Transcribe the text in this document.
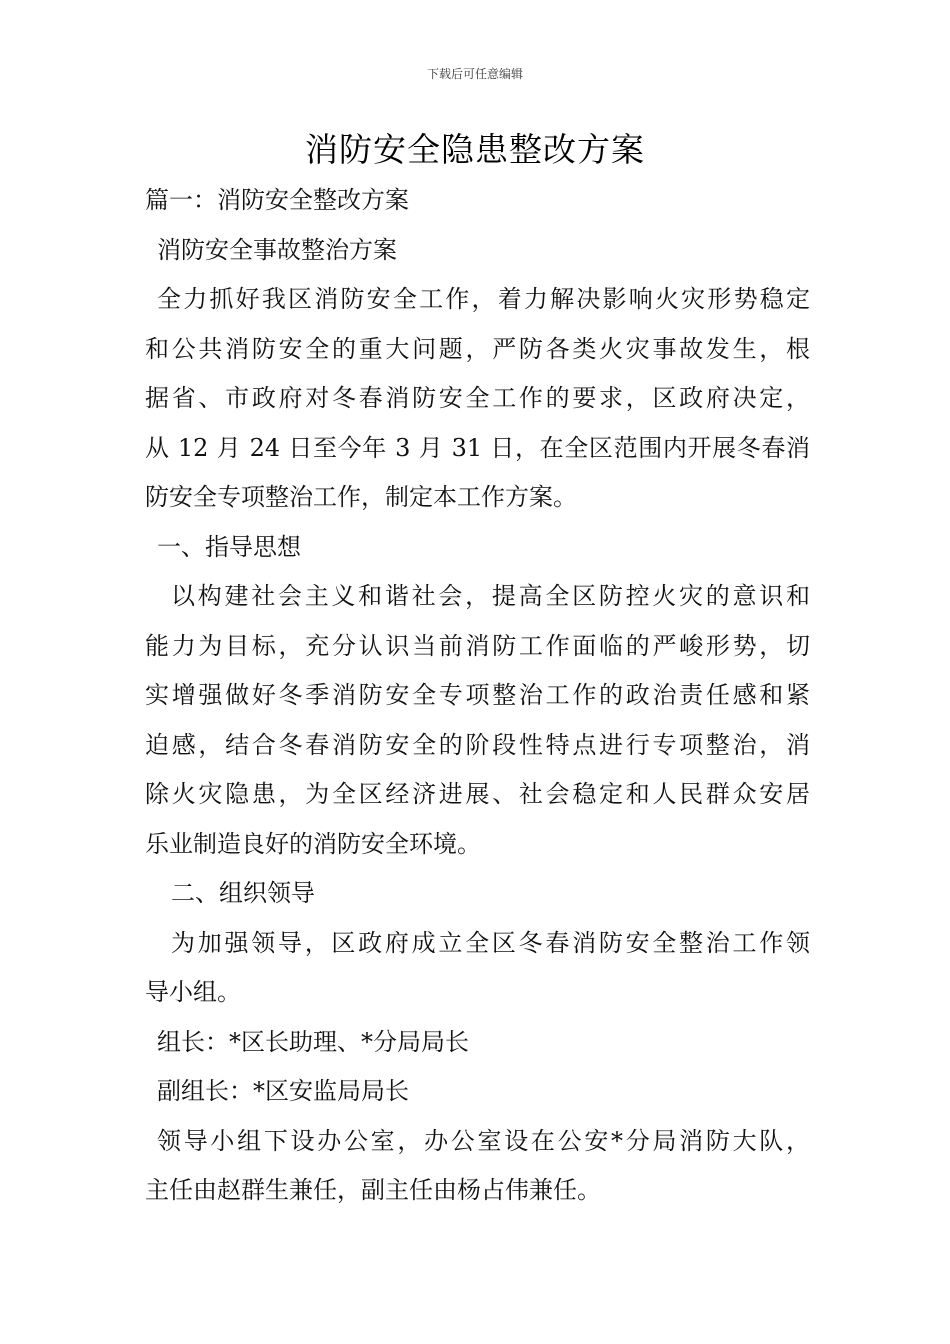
下载后可任意编辑
消防安全隐患整改方案

篇一：消防安全整改方案

消防安全事故整治方案

全力抓好我区消防安全工作，着力解决影响火灾形势稳定

和公共消防安全的重大问题，严防各类火灾事故发生，根

据省、市政府对冬春消防安全工作的要求，区政府决定，

从 12 月 24 日至今年 3 月 31 日，在全区范围内开展冬春消

防安全专项整治工作，制定本工作方案。

一、指导思想

以构建社会主义和谐社会，提高全区防控火灾的意识和

能力为目标，充分认识当前消防工作面临的严峻形势，切

实增强做好冬季消防安全专项整治工作的政治责任感和紧

迫感，结合冬春消防安全的阶段性特点进行专项整治，消

除火灾隐患，为全区经济进展、社会稳定和人民群众安居

乐业制造良好的消防安全环境。

二、组织领导

为加强领导，区政府成立全区冬春消防安全整治工作领

导小组。

组长：*区长助理、*分局局长

副组长：*区安监局局长

领导小组下设办公室，办公室设在公安*分局消防大队，

主任由赵群生兼任，副主任由杨占伟兼任。
